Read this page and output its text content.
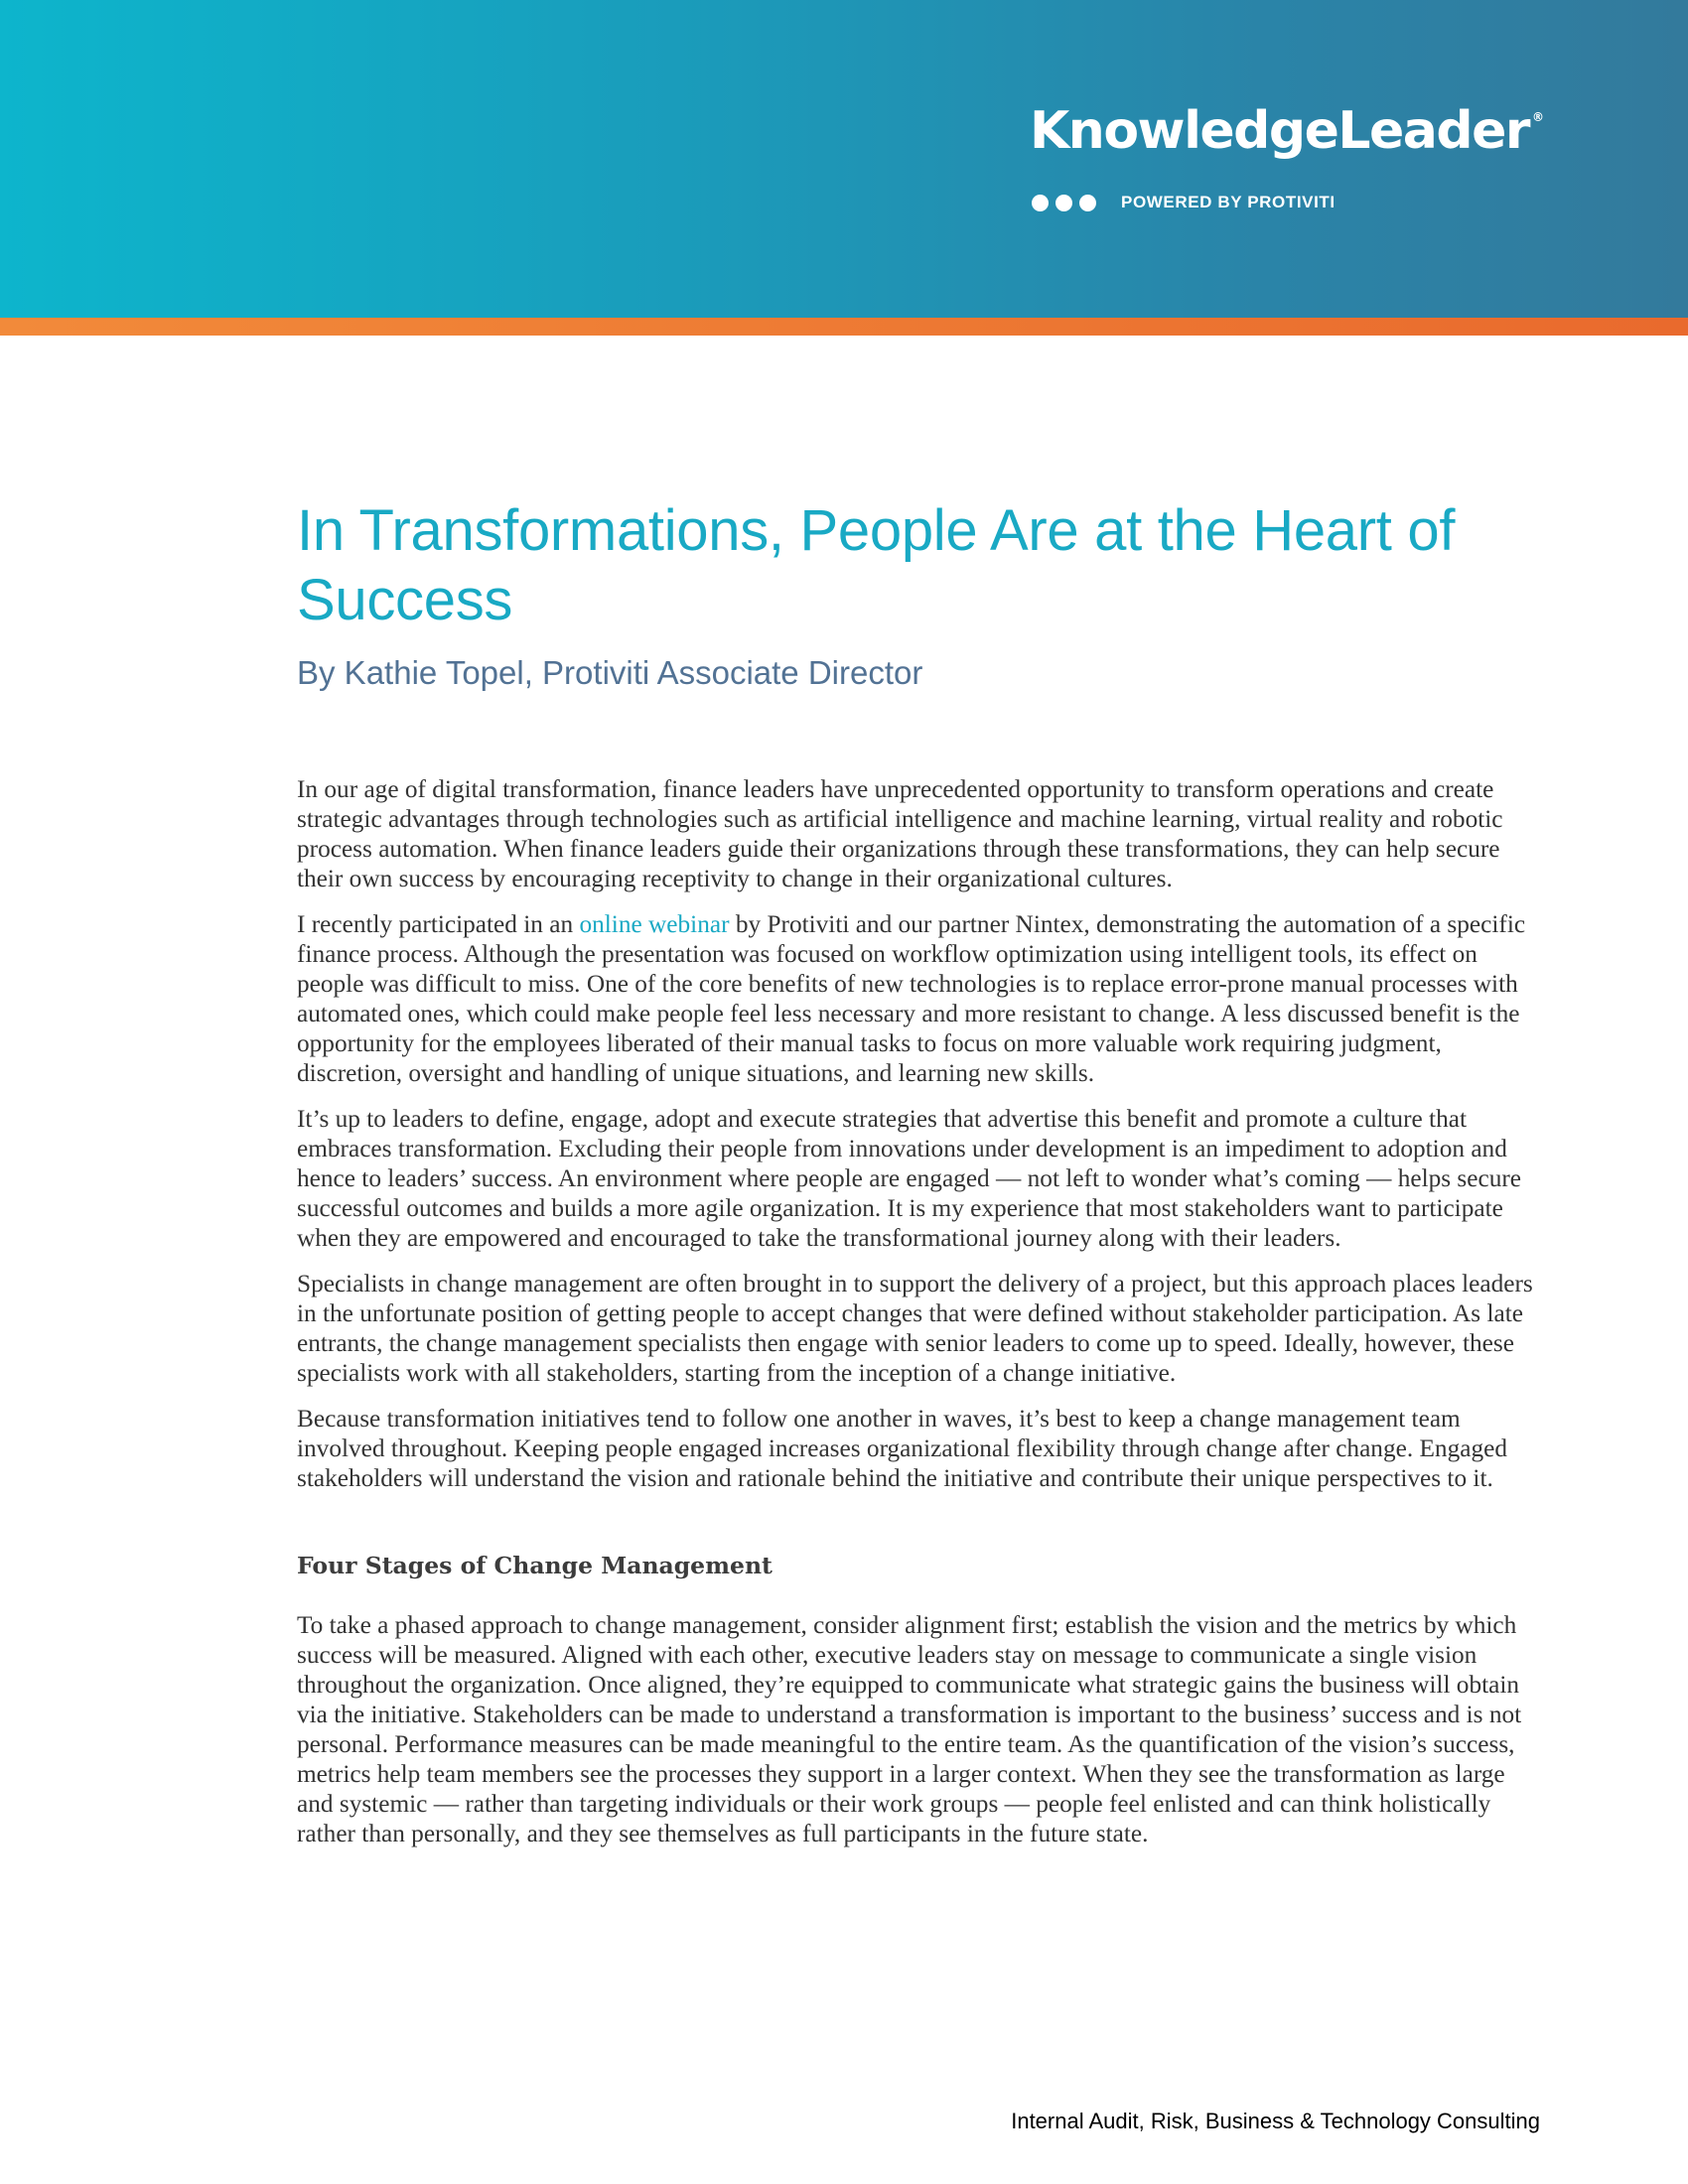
KnowledgeLeader ®
POWERED BY PROTIVITI
In Transformations, People Are at the Heart of Success
By Kathie Topel, Protiviti Associate Director

In our age of digital transformation, finance leaders have unprecedented opportunity to transform operations and create strategic advantages through technologies such as artificial intelligence and machine learning, virtual reality and robotic process automation. When finance leaders guide their organizations through these transformations, they can help secure their own success by encouraging receptivity to change in their organizational cultures.

I recently participated in an online webinar by Protiviti and our partner Nintex, demonstrating the automation of a specific finance process. Although the presentation was focused on workflow optimization using intelligent tools, its effect on people was difficult to miss. One of the core benefits of new technologies is to replace error-prone manual processes with automated ones, which could make people feel less necessary and more resistant to change. A less discussed benefit is the opportunity for the employees liberated of their manual tasks to focus on more valuable work requiring judgment, discretion, oversight and handling of unique situations, and learning new skills.

It’s up to leaders to define, engage, adopt and execute strategies that advertise this benefit and promote a culture that embraces transformation. Excluding their people from innovations under development is an impediment to adoption and hence to leaders’ success. An environment where people are engaged — not left to wonder what’s coming — helps secure successful outcomes and builds a more agile organization. It is my experience that most stakeholders want to participate when they are empowered and encouraged to take the transformational journey along with their leaders.

Specialists in change management are often brought in to support the delivery of a project, but this approach places leaders in the unfortunate position of getting people to accept changes that were defined without stakeholder participation. As late entrants, the change management specialists then engage with senior leaders to come up to speed. Ideally, however, these specialists work with all stakeholders, starting from the inception of a change initiative.

Because transformation initiatives tend to follow one another in waves, it’s best to keep a change management team involved throughout. Keeping people engaged increases organizational flexibility through change after change. Engaged stakeholders will understand the vision and rationale behind the initiative and contribute their unique perspectives to it.

Four Stages of Change Management

To take a phased approach to change management, consider alignment first; establish the vision and the metrics by which success will be measured. Aligned with each other, executive leaders stay on message to communicate a single vision throughout the organization. Once aligned, they’re equipped to communicate what strategic gains the business will obtain via the initiative. Stakeholders can be made to understand a transformation is important to the business’ success and is not personal. Performance measures can be made meaningful to the entire team. As the quantification of the vision’s success, metrics help team members see the processes they support in a larger context. When they see the transformation as large and systemic — rather than targeting individuals or their work groups — people feel enlisted and can think holistically rather than personally, and they see themselves as full participants in the future state.

Internal Audit, Risk, Business & Technology Consulting
